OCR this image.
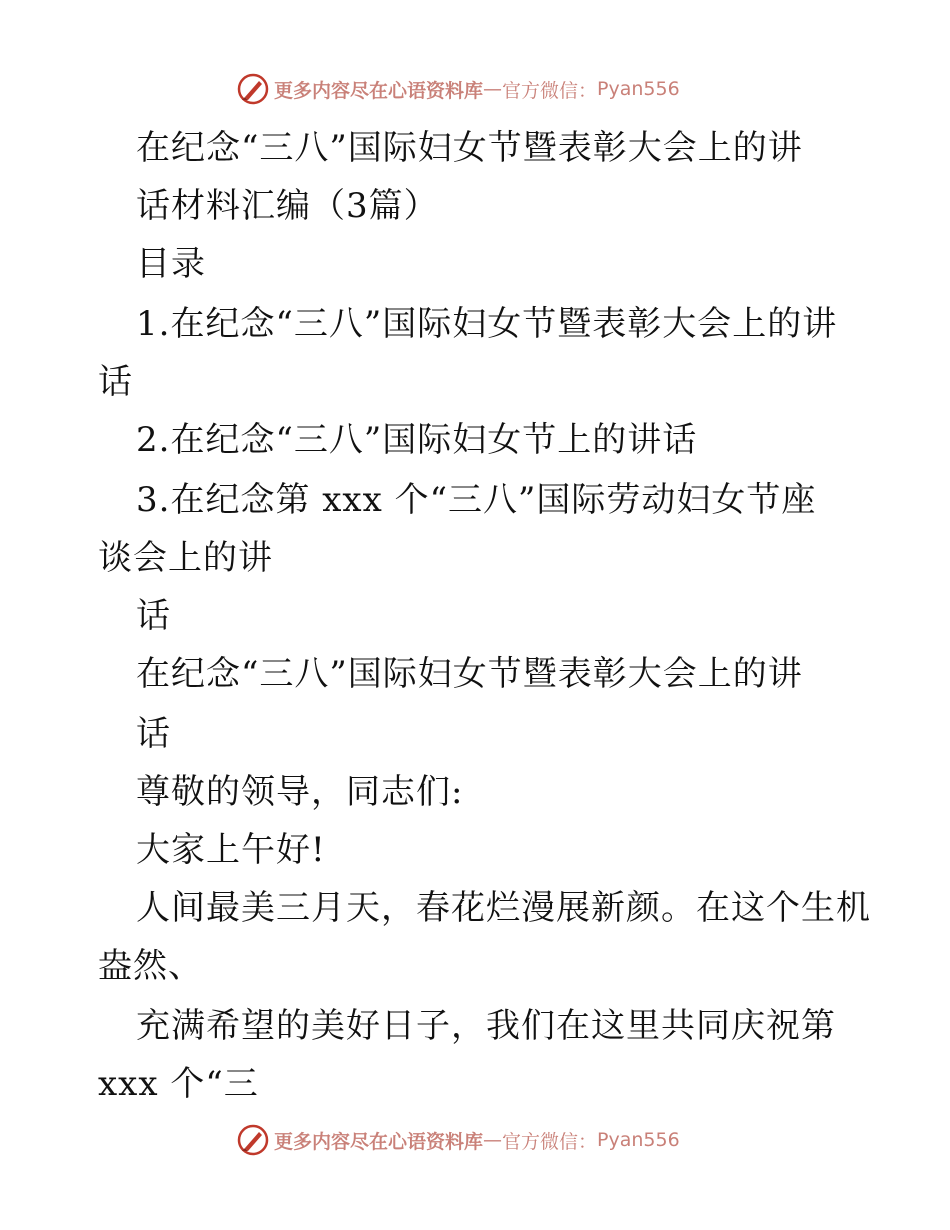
更多内容尽在心语资料库 — 官方微信： Pyan556
在纪念“三八”国际妇女节暨表彰大会上的讲
话材料汇编（3篇）
目录
1.在纪念“三八”国际妇女节暨表彰大会上的讲
话
2.在纪念“三八”国际妇女节上的讲话
3.在纪念第 xxx 个“三八”国际劳动妇女节座
谈会上的讲
话
在纪念“三八”国际妇女节暨表彰大会上的讲
话
尊敬的领导，同志们:
大家上午好!
人间最美三月天，春花烂漫展新颜。在这个生机
盎然、
充满希望的美好日子，我们在这里共同庆祝第
xxx 个“三
更多内容尽在心语资料库 — 官方微信： Pyan556
